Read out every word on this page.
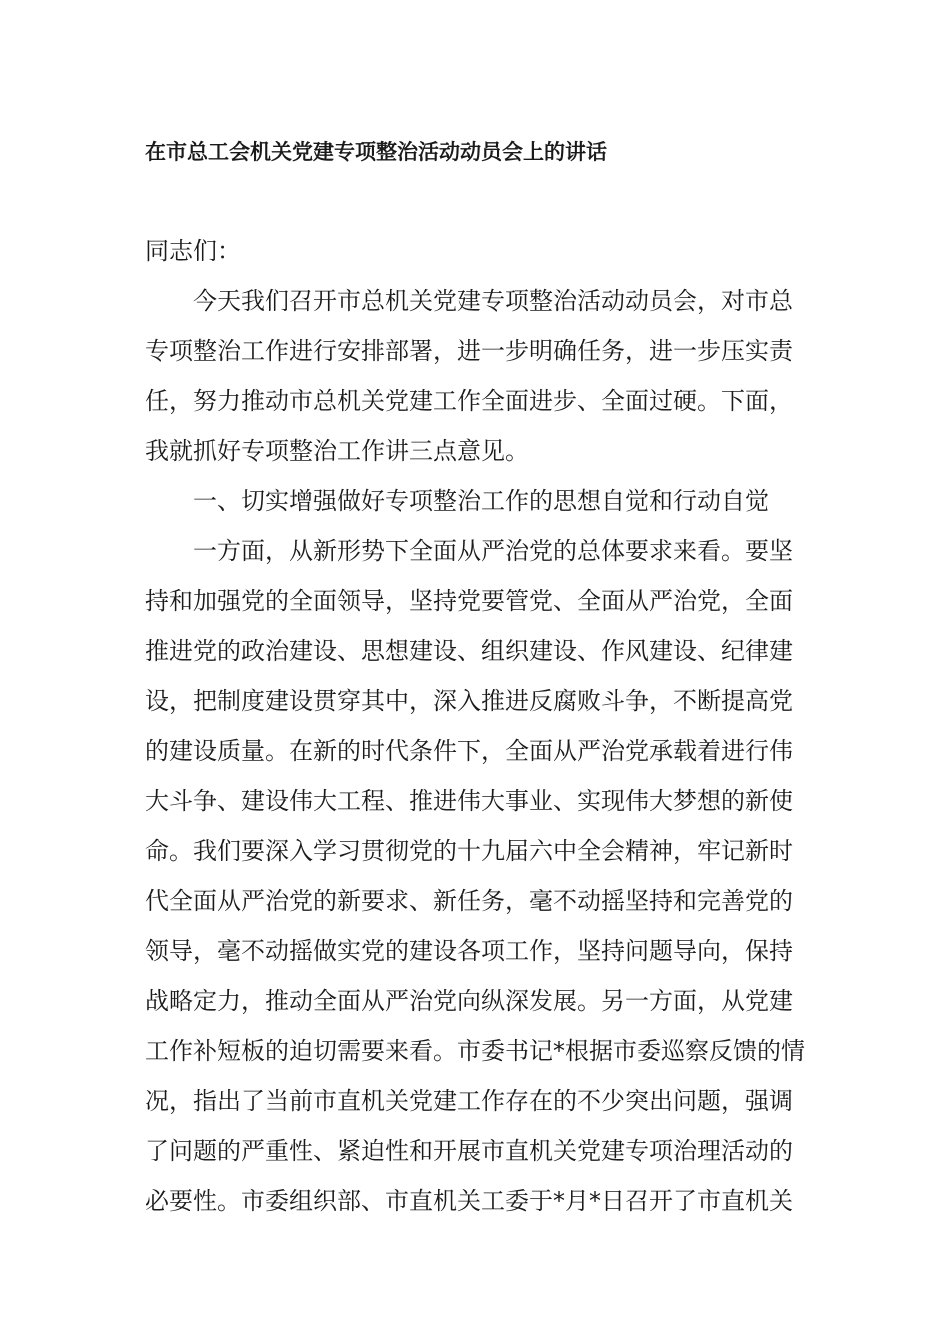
在市总工会机关党建专项整治活动动员会上的讲话
同志们：
今天我们召开市总机关党建专项整治活动动员会，对市总
专项整治工作进行安排部署，进一步明确任务，进一步压实责
任，努力推动市总机关党建工作全面进步、全面过硬。下面，
我就抓好专项整治工作讲三点意见。
一、切实增强做好专项整治工作的思想自觉和行动自觉
一方面，从新形势下全面从严治党的总体要求来看。要坚
持和加强党的全面领导，坚持党要管党、全面从严治党，全面
推进党的政治建设、思想建设、组织建设、作风建设、纪律建
设，把制度建设贯穿其中，深入推进反腐败斗争，不断提高党
的建设质量。在新的时代条件下，全面从严治党承载着进行伟
大斗争、建设伟大工程、推进伟大事业、实现伟大梦想的新使
命。我们要深入学习贯彻党的十九届六中全会精神，牢记新时
代全面从严治党的新要求、新任务，毫不动摇坚持和完善党的
领导，毫不动摇做实党的建设各项工作，坚持问题导向，保持
战略定力，推动全面从严治党向纵深发展。另一方面，从党建
工作补短板的迫切需要来看。市委书记*根据市委巡察反馈的情
况，指出了当前市直机关党建工作存在的不少突出问题，强调
了问题的严重性、紧迫性和开展市直机关党建专项治理活动的
必要性。市委组织部、市直机关工委于*月*日召开了市直机关
